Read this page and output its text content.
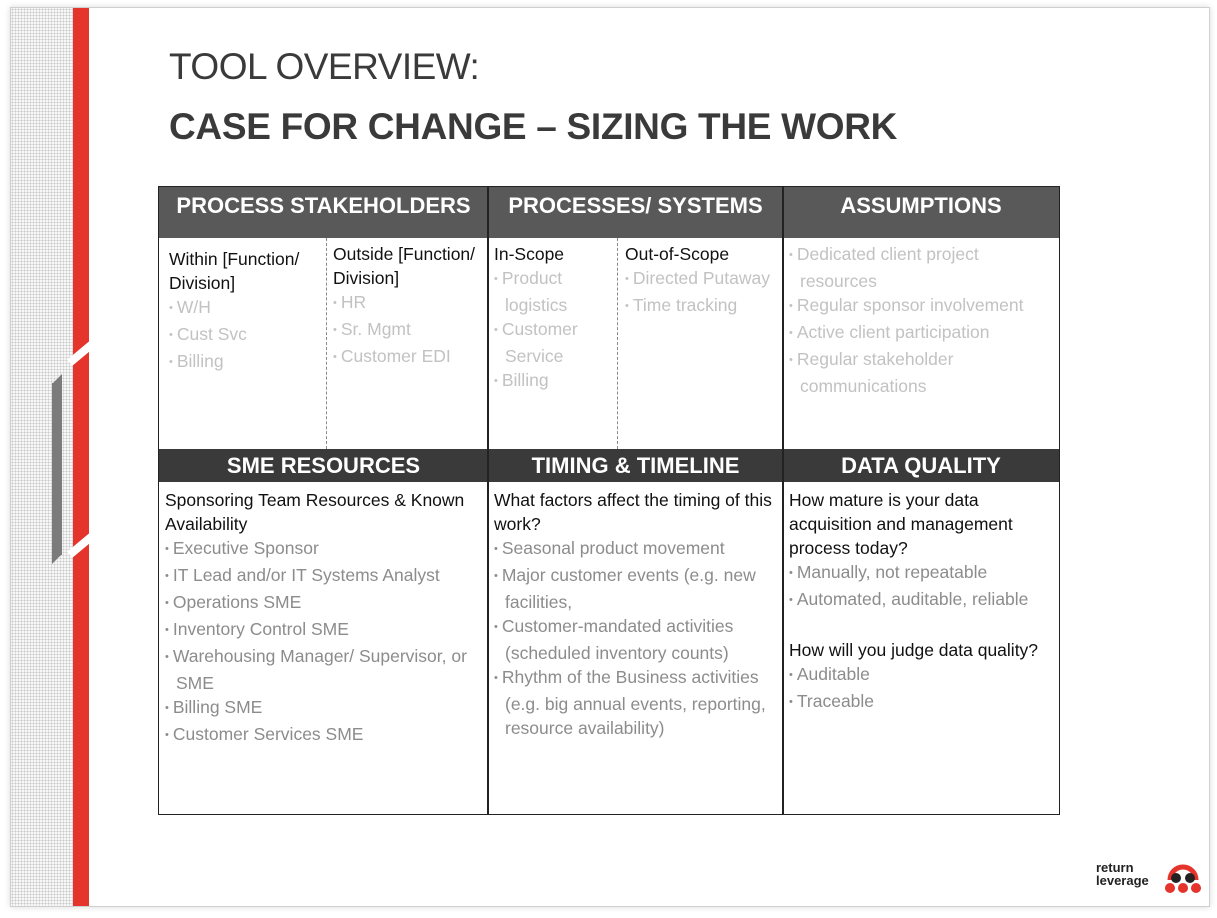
TOOL OVERVIEW:
CASE FOR CHANGE – SIZING THE WORK
PROCESS STAKEHOLDERS	PROCESSES/ SYSTEMS	ASSUMPTIONS
SME RESOURCES	TIMING & TIMELINE	DATA QUALITY
Within [Function/ Division]
• W/H
• Cust Svc
• Billing
Outside [Function/ Division]
• HR
• Sr. Mgmt
• Customer EDI
In-Scope
• Product logistics
• Customer Service
• Billing
Out-of-Scope
• Directed Putaway
• Time tracking
• Dedicated client project resources
• Regular sponsor involvement
• Active client participation
• Regular stakeholder communications
Sponsoring Team Resources & Known Availability
• Executive Sponsor
• IT Lead and/or IT Systems Analyst
• Operations SME
• Inventory Control SME
• Warehousing Manager/ Supervisor, or SME
• Billing SME
• Customer Services SME
What factors affect the timing of this work?
• Seasonal product movement
• Major customer events (e.g. new facilities,
• Customer-mandated activities (scheduled inventory counts)
• Rhythm of the Business activities (e.g. big annual events, reporting, resource availability)
How mature is your data acquisition and management process today?
• Manually, not repeatable
• Automated, auditable, reliable
How will you judge data quality?
• Auditable
• Traceable
return
leverage
